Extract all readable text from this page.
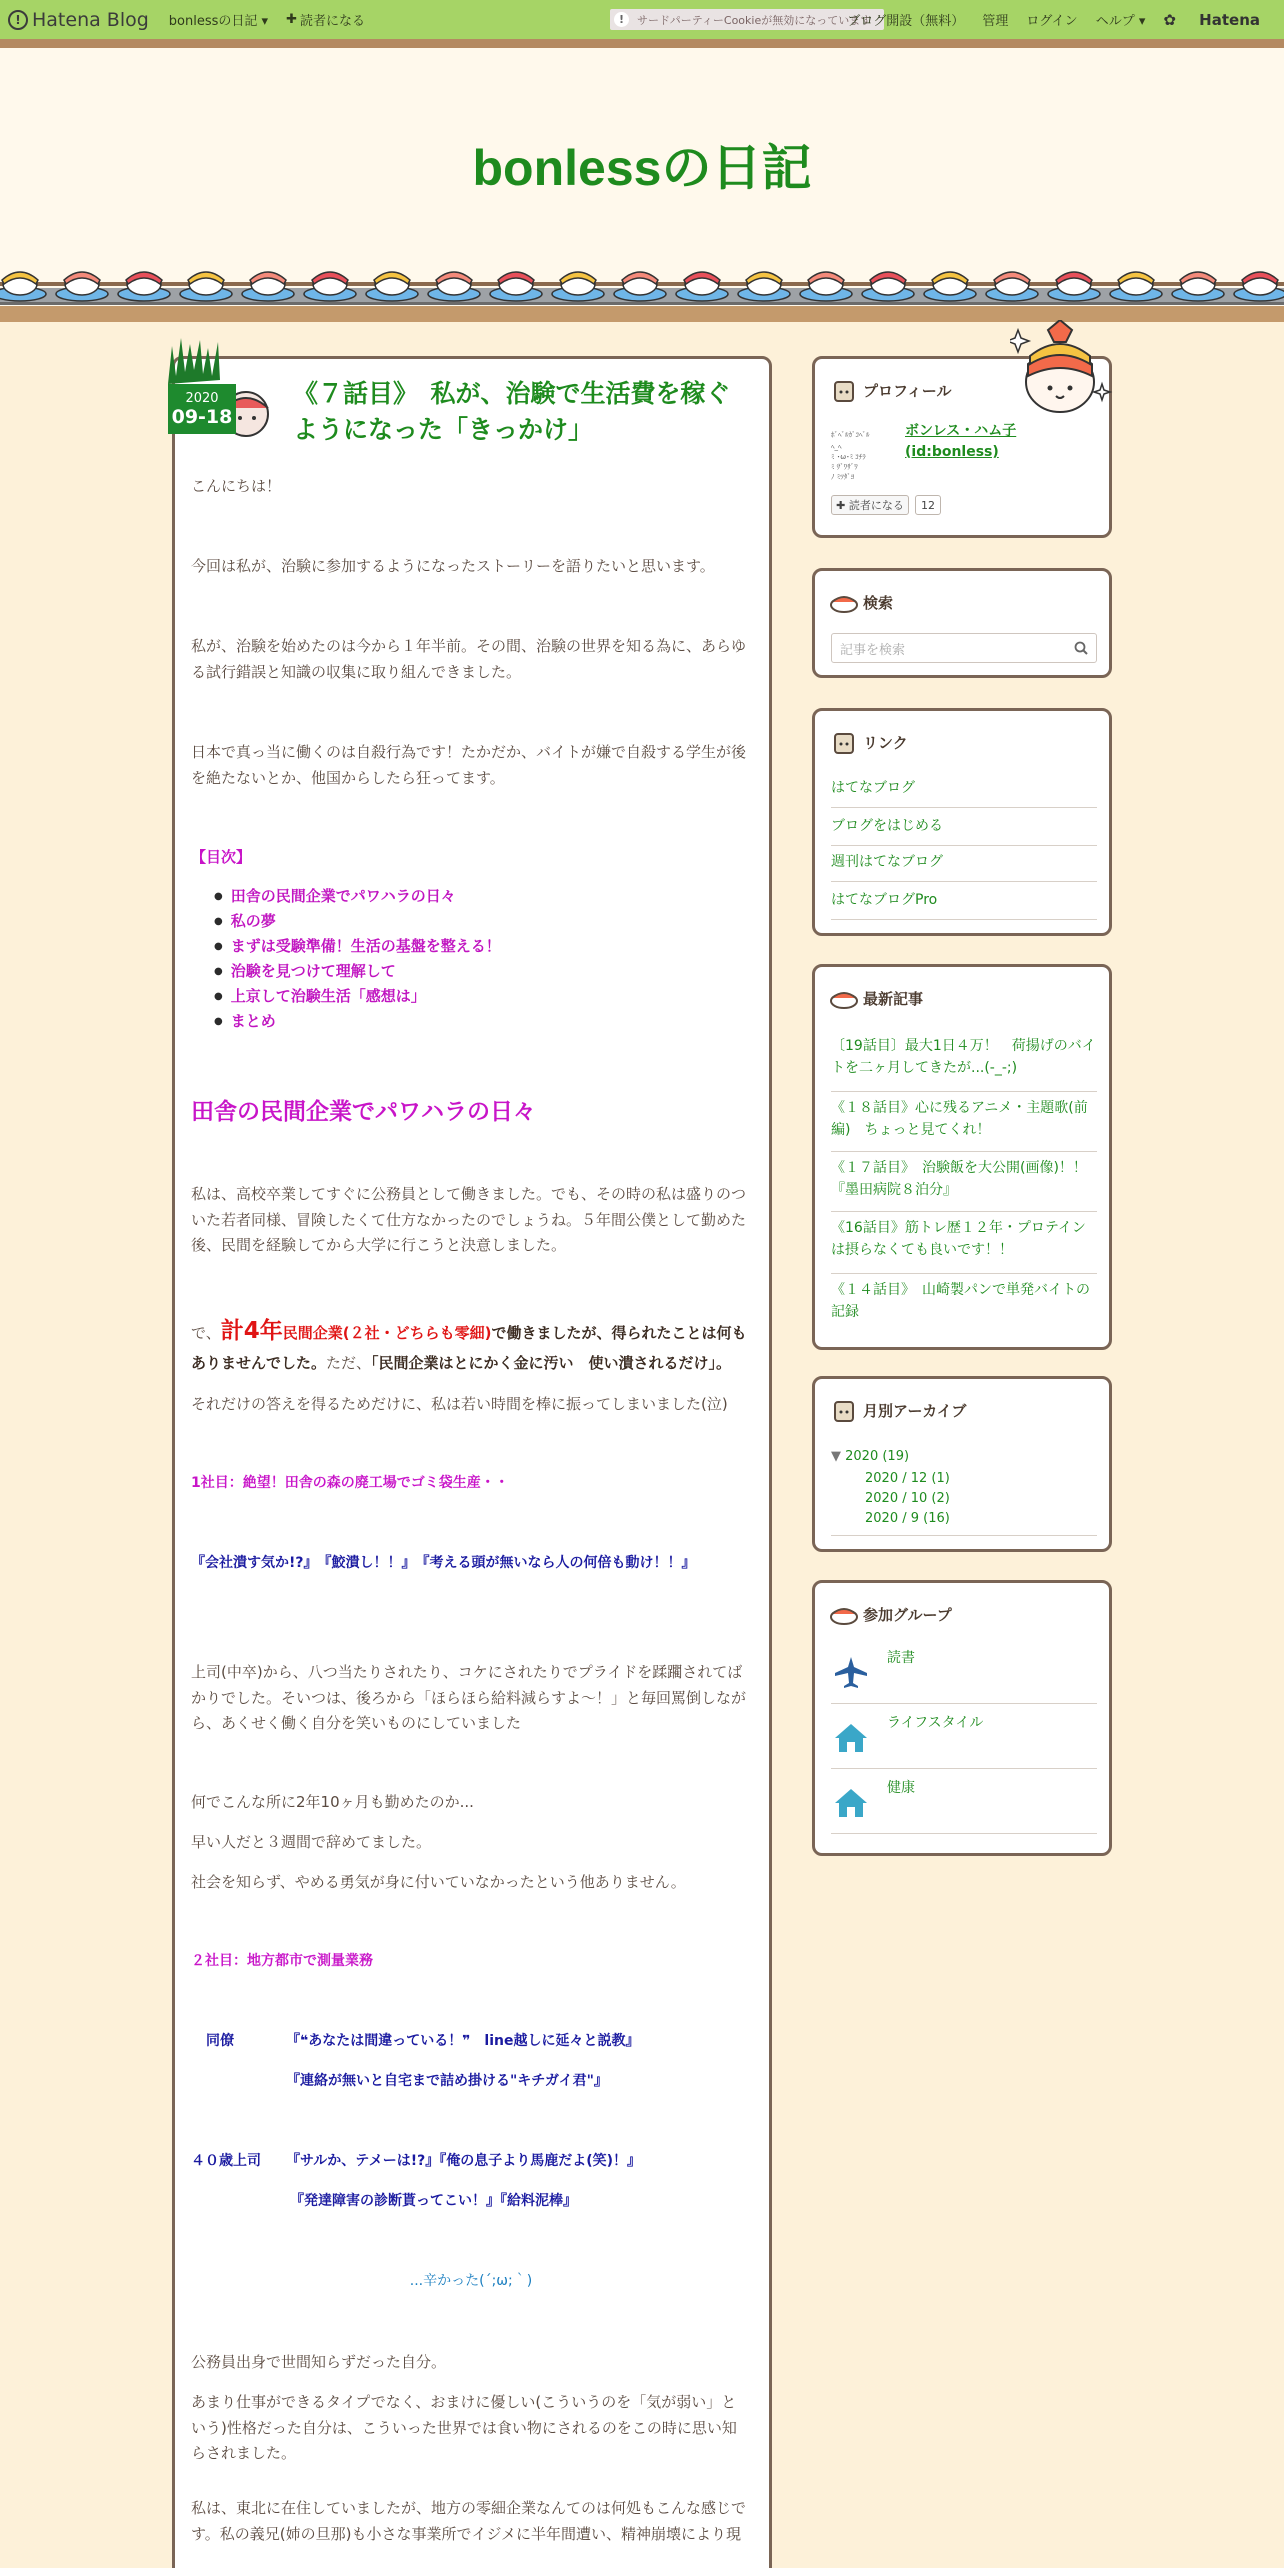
! Hatena Blog bonlessの日記 ▾ ✚ 読者になる	!	サードパーティーCookieが無効になっています
ブログ開設（無料） 管理 ログイン ヘルプ ▾ ✿ Hatena
bonlessの日記
2020
09-18
《７話目》　私が、治験で生活費を稼ぐようになった「きっかけ」
こんにちは！
今回は私が、治験に参加するようになったストーリーを語りたいと思います。
私が、治験を始めたのは今から１年半前。その間、治験の世界を知る為に、あらゆる試行錯誤と知識の収集に取り組んできました。
日本で真っ当に働くのは自殺行為です！たかだか、バイトが嫌で自殺する学生が後を絶たないとか、他国からしたら狂ってます。
【目次】
● 田舎の民間企業でパワハラの日々
● 私の夢
● まずは受験準備！生活の基盤を整える！
● 治験を見つけて理解して
● 上京して治験生活「感想は」
● まとめ
田舎の民間企業でパワハラの日々
私は、高校卒業してすぐに公務員として働きました。でも、その時の私は盛りのついた若者同様、冒険したくて仕方なかったのでしょうね。５年間公僕として勤めた後、民間を経験してから大学に行こうと決意しました。
で、計4年民間企業(２社・どちらも零細)で働きましたが、得られたことは何もありませんでした。ただ、「民間企業はとにかく金に汚い　使い潰されるだけ」。
それだけの答えを得るためだけに、私は若い時間を棒に振ってしまいました(泣)
1社目：絶望！田舎の森の廃工場でゴミ袋生産・・
『会社潰す気か!?』　『鮫潰し！！』　『考える頭が無いなら人の何倍も動け！！』
上司(中卒)から、八つ当たりされたり、コケにされたりでプライドを蹂躙されてばかりでした。そいつは、後ろから「ほらほら給料減らすよ～！」と毎回罵倒しながら、あくせく働く自分を笑いものにしていました
何でこんな所に2年10ヶ月も勤めたのか...
早い人だと３週間で辞めてました。
社会を知らず、やめる勇気が身に付いていなかったという他ありません。
２社目：地方都市で測量業務
同僚	『❝あなたは間違っている！❞　line越しに延々と説教』
『連絡が無いと自宅まで詰め掛ける"キチガイ君"』
４０歳上司	『サルか、テメーは!?』『俺の息子より馬鹿だよ(笑)！』
『発達障害の診断貰ってこい！』『給料泥棒』
...辛かった(´;ω;｀)
公務員出身で世間知らずだった自分。
あまり仕事ができるタイプでなく、おまけに優しい(こういうのを「気が弱い」という)性格だった自分は、こういった世界では食い物にされるのをこの時に思い知らされました。
私は、東北に在住していましたが、地方の零細企業なんてのは何処もこんな感じです。私の義兄(姉の旦那)も小さな事業所でイジメに半年間遭い、精神崩壊により現
プロフィール
ﾎﾞﾍﾞﾙｶﾞｺﾍﾞﾙ
ﾍ_ﾍ
ﾐ ･ω･ﾐ ｺﾁﾗ
ﾐ ｻﾞﾜｻﾞﾜ
ﾉ ﾐﾂﾀﾞﾖ
ボンレス・ハム子
(id:bonless)
✚ 読者になる	12
検索
記事を検索
リンク
はてなブログ
ブログをはじめる
週刊はてなブログ
はてなブログPro
最新記事
〔19話目〕最大1日４万！　荷揚げのバイトを二ヶ月してきたが...(-_-;)
《１８話目》心に残るアニメ・主題歌(前編)　ちょっと見てくれ！
《１７話目》　治験飯を大公開(画像)！！『墨田病院８泊分』
《16話目》筋トレ歴１２年・プロテインは摂らなくても良いです！！
《１４話目》　山崎製パンで単発バイトの記録
月別アーカイブ
▼ 2020 (19)
2020 / 12 (1)
2020 / 10 (2)
2020 / 9 (16)
参加グループ
読書
ライフスタイル
健康
